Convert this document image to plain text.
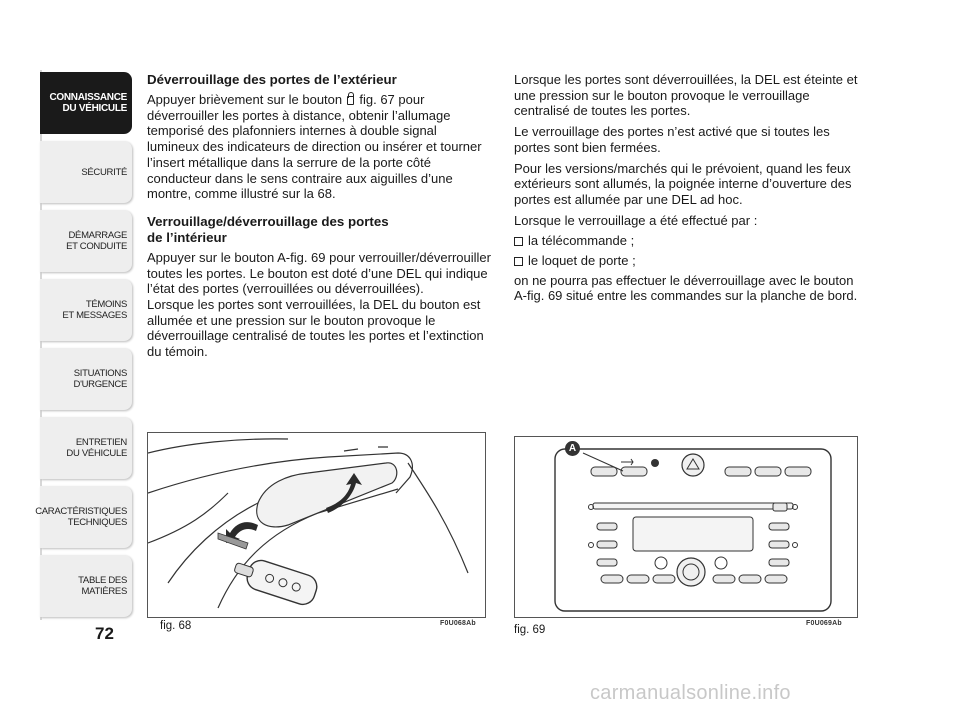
CONNAISSANCE
DU VÉHICULE
SÉCURITÉ
DÉMARRAGE
ET CONDUITE
TÉMOINS
ET MESSAGES
SITUATIONS
D'URGENCE
ENTRETIEN
DU VÉHICULE
CARACTÉRISTIQUES
TECHNIQUES
TABLE DES
MATIÈRES
72
Déverrouillage des portes de l’extérieur

Appuyer brièvement sur le bouton  fig. 67 pour déverrouiller les portes à distance, obtenir l’allumage temporisé des plafonniers internes à double signal lumineux des indicateurs de direction ou insérer et tourner l’insert métallique dans la serrure de la porte côté conducteur dans le sens contraire aux aiguilles d’une montre, comme illustré sur la 68.

Verrouillage/déverrouillage des portes
de l’intérieur

Appuyer sur le bouton A-fig. 69 pour verrouiller/déverrouiller toutes les portes. Le bouton est doté d’une DEL qui indique l’état des portes (verrouillées ou déverrouillées).
Lorsque les portes sont verrouillées, la DEL du bouton est allumée et une pression sur le bouton provoque le déverrouillage centralisé de toutes les portes et l’extinction du témoin.

Lorsque les portes sont déverrouillées, la DEL est éteinte et une pression sur le bouton provoque le verrouillage centralisé de toutes les portes.

Le verrouillage des portes n’est activé que si toutes les portes sont bien fermées.

Pour les versions/marchés qui le prévoient, quand les feux extérieurs sont allumés, la poignée interne d’ouverture des portes est allumée par une DEL ad hoc.

Lorsque le verrouillage a été effectué par :

la télécommande ;
le loquet de porte ;

on ne pourra pas effectuer le déverrouillage avec le bouton A-fig. 69 situé entre les commandes sur la planche de bord.

fig. 68	F0U068Ab
A
fig. 69
F0U069Ab
carmanualsonline.info
